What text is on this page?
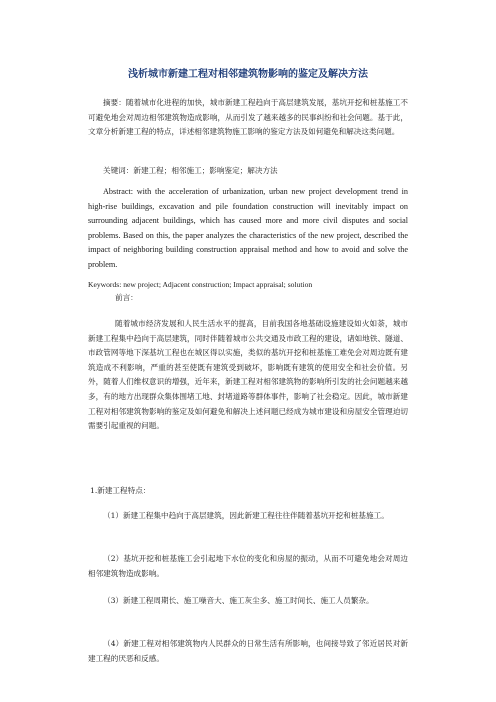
浅析城市新建工程对相邻建筑物影响的鉴定及解决方法

摘要：随着城市化进程的加快，城市新建工程趋向于高层建筑发展，基坑开挖和桩基施工不可避免地会对周边相邻建筑物造成影响，从而引发了越来越多的民事纠纷和社会问题。基于此，文章分析新建工程的特点，详述相邻建筑物施工影响的鉴定方法及如何避免和解决这类问题。

关键词：新建工程；相邻施工；影响鉴定；解决方法

Abstract: with the acceleration of urbanization, urban new project development trend in high-rise buildings, excavation and pile foundation construction will inevitably impact on surrounding adjacent buildings, which has caused more and more civil disputes and social problems. Based on this, the paper analyzes the characteristics of the new project, described the impact of neighboring building construction appraisal method and how to avoid and solve the problem.

Keywords: new project; Adjacent construction; Impact appraisal; solution
前言：

随着城市经济发展和人民生活水平的提高，目前我国各地基础设施建设如火如荼，城市新建工程集中趋向于高层建筑，同时伴随着城市公共交通及市政工程的建设，诸如地铁、隧道、市政管网等地下深基坑工程也在城区得以实施，类似的基坑开挖和桩基施工难免会对周边既有建筑造成不利影响，严重的甚至使既有建筑受到破坏，影响既有建筑的使用安全和社会价值。另外，随着人们维权意识的增强，近年来，新建工程对相邻建筑物的影响所引发的社会问题越来越多，有的地方出现群众集体围堵工地、封堵道路等群体事件，影响了社会稳定。因此，城市新建工程对相邻建筑物影响的鉴定及如何避免和解决上述问题已经成为城市建设和房屋安全管理迫切需要引起重视的问题。

1.新建工程特点：

（1）新建工程集中趋向于高层建筑，因此新建工程往往伴随着基坑开挖和桩基施工。

（2）基坑开挖和桩基施工会引起地下水位的变化和房屋的振动，从而不可避免地会对周边相邻建筑物造成影响。

（3）新建工程周期长、施工噪音大、施工灰尘多、施工时间长、施工人员繁杂。

（4）新建工程对相邻建筑物内人民群众的日常生活有所影响，也间接导致了邻近居民对新建工程的厌恶和反感。
